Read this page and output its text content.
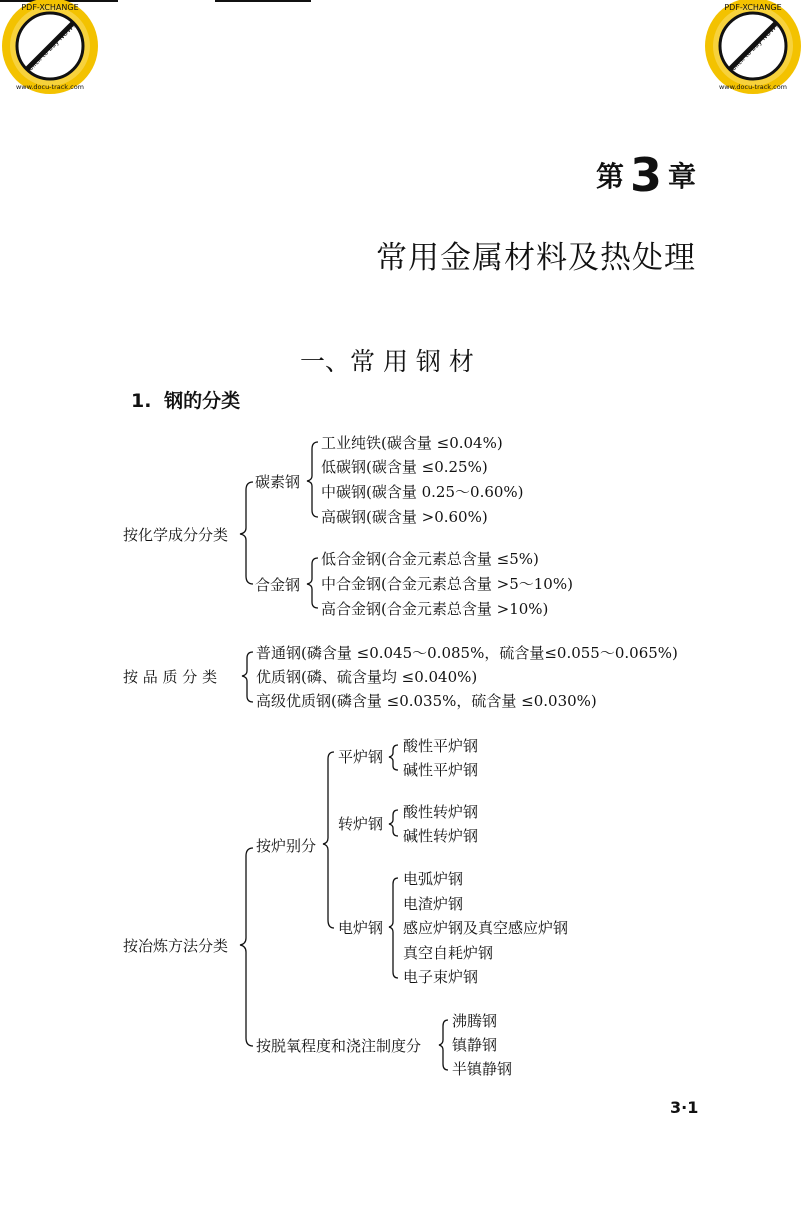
PDF-XCHANGE
Click to buy NOW!
www.docu-track.com
PDF-XCHANGE
Click to buy NOW!
www.docu-track.com
第 3 章
常用金属材料及热处理
一、常 用 钢 材
1. 钢的分类
按化学成分分类
按 品 质 分 类
按冶炼方法分类
碳素钢
合金钢
工业纯铁(碳含量 ≤0.04%)
低碳钢(碳含量 ≤0.25%)
中碳钢(碳含量 0.25～0.60%)
高碳钢(碳含量 >0.60%)
低合金钢(合金元素总含量 ≤5%)
中合金钢(合金元素总含量 >5～10%)
高合金钢(合金元素总含量 >10%)
普通钢(磷含量 ≤0.045～0.085%，硫含量≤0.055～0.065%)
优质钢(磷、硫含量均 ≤0.040%)
高级优质钢(磷含量 ≤0.035%，硫含量 ≤0.030%)
按炉别分
按脱氧程度和浇注制度分
平炉钢
转炉钢
电炉钢
酸性平炉钢
碱性平炉钢
酸性转炉钢
碱性转炉钢
电弧炉钢
电渣炉钢
感应炉钢及真空感应炉钢
真空自耗炉钢
电子束炉钢
沸腾钢
镇静钢
半镇静钢
3·1
